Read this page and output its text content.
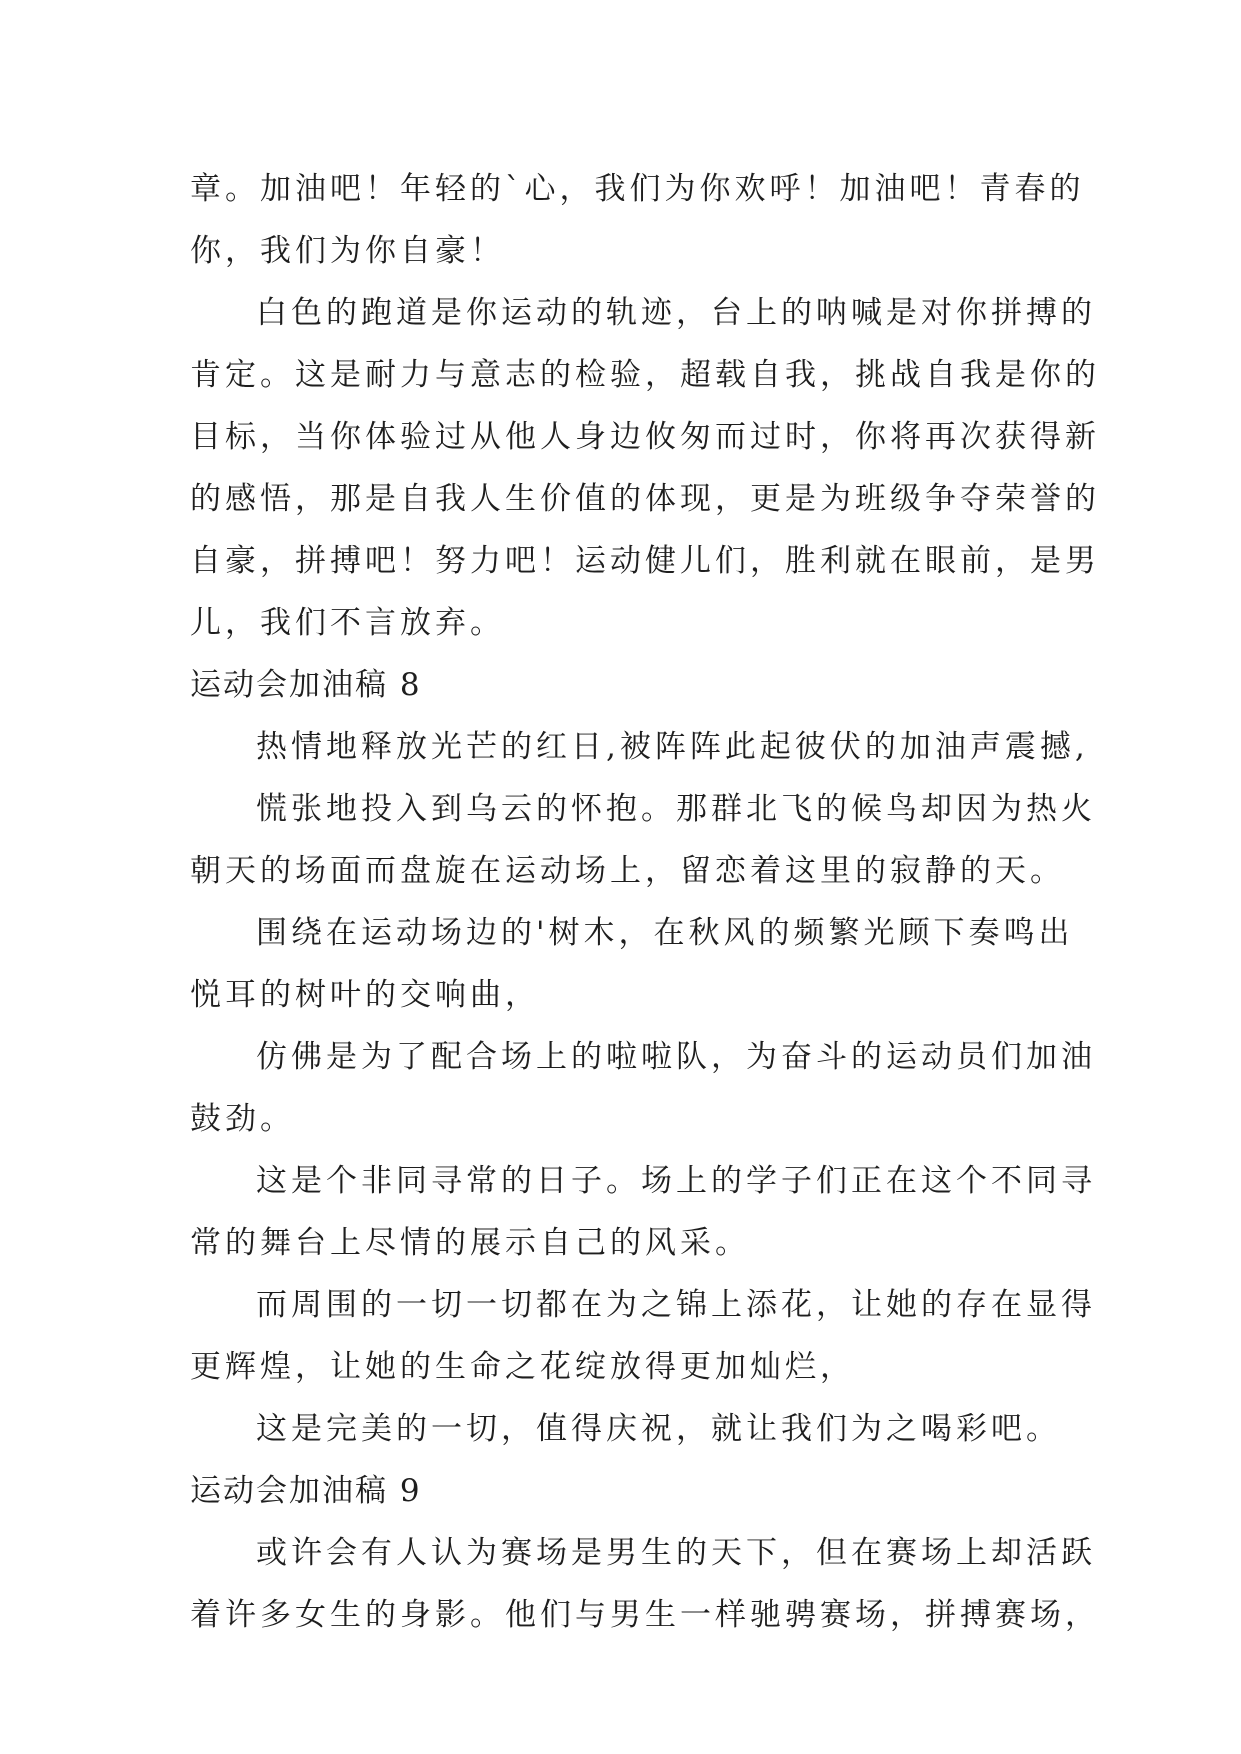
章。加油吧！年轻的`心，我们为你欢呼！加油吧！青春的
你，我们为你自豪！
白色的跑道是你运动的轨迹，台上的呐喊是对你拼搏的
肯定。这是耐力与意志的检验，超载自我，挑战自我是你的
目标，当你体验过从他人身边攸匆而过时，你将再次获得新
的感悟，那是自我人生价值的体现，更是为班级争夺荣誉的
自豪，拼搏吧！努力吧！运动健儿们，胜利就在眼前，是男
儿，我们不言放弃。
运动会加油稿 8
热情地释放光芒的红日,被阵阵此起彼伏的加油声震撼,
慌张地投入到乌云的怀抱。那群北飞的候鸟却因为热火
朝天的场面而盘旋在运动场上，留恋着这里的寂静的天。
围绕在运动场边的'树木，在秋风的频繁光顾下奏鸣出
悦耳的树叶的交响曲，
仿佛是为了配合场上的啦啦队，为奋斗的运动员们加油
鼓劲。
这是个非同寻常的日子。场上的学子们正在这个不同寻
常的舞台上尽情的展示自己的风采。
而周围的一切一切都在为之锦上添花，让她的存在显得
更辉煌，让她的生命之花绽放得更加灿烂，
这是完美的一切，值得庆祝，就让我们为之喝彩吧。
运动会加油稿 9
或许会有人认为赛场是男生的天下，但在赛场上却活跃
着许多女生的身影。他们与男生一样驰骋赛场，拼搏赛场，
